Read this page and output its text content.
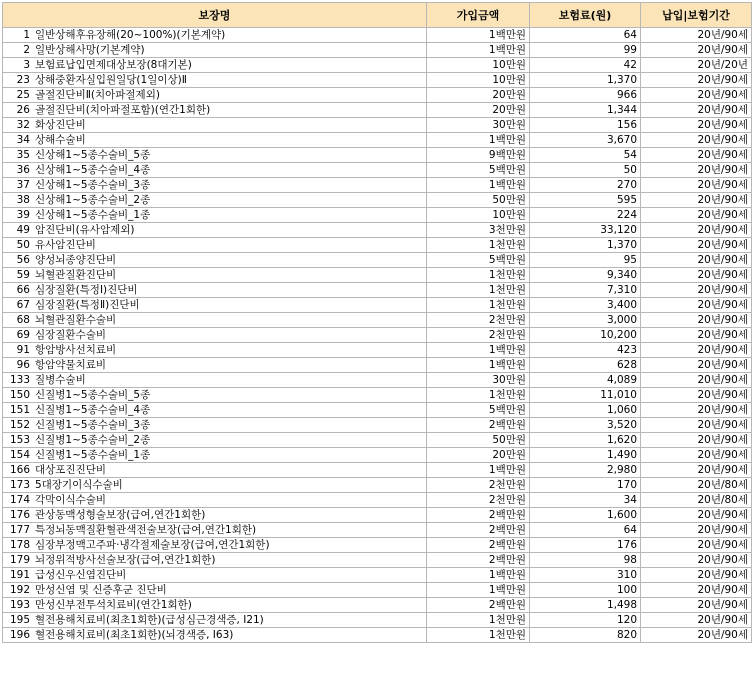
보장명	가입금액	보험료(원)	납입|보험기간
1 일반상해후유장해(20~100%)(기본계약)	1백만원	64	20년/90세
2 일반상해사망(기본계약)	1백만원	99	20년/90세
3 보험료납입면제대상보장(8대기본)	10만원	42	20년/20년
23 상해중환자실입원일당(1일이상)Ⅱ	10만원	1,370	20년/90세
25 골절진단비Ⅱ(치아파절제외)	20만원	966	20년/90세
26 골절진단비(치아파절포함)(연간1회한)	20만원	1,344	20년/90세
32 화상진단비	30만원	156	20년/90세
34 상해수술비	1백만원	3,670	20년/90세
35 신상해1~5종수술비_5종	9백만원	54	20년/90세
36 신상해1~5종수술비_4종	5백만원	50	20년/90세
37 신상해1~5종수술비_3종	1백만원	270	20년/90세
38 신상해1~5종수술비_2종	50만원	595	20년/90세
39 신상해1~5종수술비_1종	10만원	224	20년/90세
49 암진단비(유사암제외)	3천만원	33,120	20년/90세
50 유사암진단비	1천만원	1,370	20년/90세
56 양성뇌종양진단비	5백만원	95	20년/90세
59 뇌혈관질환진단비	1천만원	9,340	20년/90세
66 심장질환(특정Ⅰ)진단비	1천만원	7,310	20년/90세
67 심장질환(특정Ⅱ)진단비	1천만원	3,400	20년/90세
68 뇌혈관질환수술비	2천만원	3,000	20년/90세
69 심장질환수술비	2천만원	10,200	20년/90세
91 항암방사선치료비	1백만원	423	20년/90세
96 항암약물치료비	1백만원	628	20년/90세
133 질병수술비	30만원	4,089	20년/90세
150 신질병1~5종수술비_5종	1천만원	11,010	20년/90세
151 신질병1~5종수술비_4종	5백만원	1,060	20년/90세
152 신질병1~5종수술비_3종	2백만원	3,520	20년/90세
153 신질병1~5종수술비_2종	50만원	1,620	20년/90세
154 신질병1~5종수술비_1종	20만원	1,490	20년/90세
166 대상포진진단비	1백만원	2,980	20년/90세
173 5대장기이식수술비	2천만원	170	20년/80세
174 각막이식수술비	2천만원	34	20년/80세
176 관상동맥성형술보장(급여,연간1회한)	2백만원	1,600	20년/90세
177 특정뇌동맥질환혈관색전술보장(급여,연간1회한)	2백만원	64	20년/90세
178 심장부정맥고주파·냉각절제술보장(급여,연간1회한)	2백만원	176	20년/90세
179 뇌정위적방사선술보장(급여,연간1회한)	2백만원	98	20년/90세
191 급성신우신염진단비	1백만원	310	20년/90세
192 만성신염 및 신증후군 진단비	1백만원	100	20년/90세
193 만성신부전투석치료비(연간1회한)	2백만원	1,498	20년/90세
195 혈전용해치료비(최초1회한)(급성심근경색증, I21)	1천만원	120	20년/90세
196 혈전용해치료비(최초1회한)(뇌경색증, I63)	1천만원	820	20년/90세
